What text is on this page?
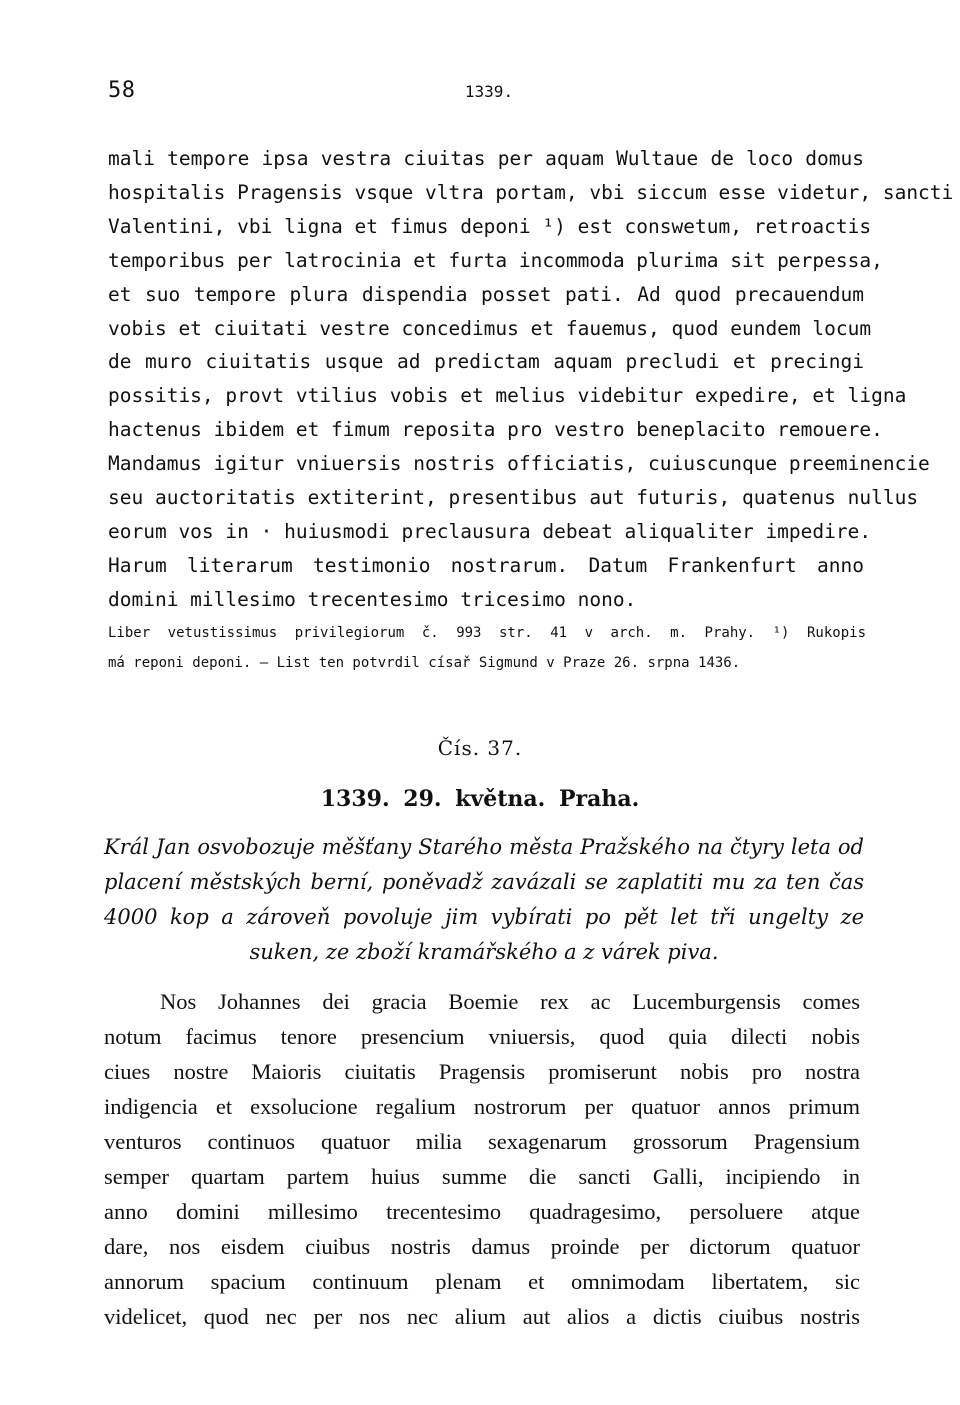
58	1339.
mali tempore ipsa vestra ciuitas per aquam Wultaue de loco domus
hospitalis Pragensis vsque vltra portam, vbi siccum esse videtur, sancti
Valentini, vbi ligna et fimus deponi ¹) est conswetum, retroactis
temporibus per latrocinia et furta incommoda plurima sit perpessa,
et suo tempore plura dispendia posset pati. Ad quod precauendum
vobis et ciuitati vestre concedimus et fauemus, quod eundem locum
de muro ciuitatis usque ad predictam aquam precludi et precingi
possitis, provt vtilius vobis et melius videbitur expedire, et ligna
hactenus ibidem et fimum reposita pro vestro beneplacito remouere.
Mandamus igitur vniuersis nostris officiatis, cuiuscunque preeminencie
seu auctoritatis extiterint, presentibus aut futuris, quatenus nullus
eorum vos in · huiusmodi preclausura debeat aliqualiter impedire.
Harum literarum testimonio nostrarum. Datum Frankenfurt anno
domini millesimo trecentesimo tricesimo nono.
Liber vetustissimus privilegiorum č. 993 str. 41 v arch. m. Prahy. ¹) Rukopis
má reponi deponi. — List ten potvrdil císař Sigmund v Praze 26. srpna 1436.
Čís. 37.
1339. 29. května. Praha.
Král Jan osvobozuje měšťany Starého města Pražského na čtyry leta od
placení městských berní, poněvadž zavázali se zaplatiti mu za ten čas
4000 kop a zároveň povoluje jim vybírati po pět let tři ungelty ze
suken, ze zboží kramářského a z várek piva.
Nos Johannes dei gracia Boemie rex ac Lucemburgensis comes
notum facimus tenore presencium vniuersis, quod quia dilecti nobis
ciues nostre Maioris ciuitatis Pragensis promiserunt nobis pro nostra
indigencia et exsolucione regalium nostrorum per quatuor annos primum
venturos continuos quatuor milia sexagenarum grossorum Pragensium
semper quartam partem huius summe die sancti Galli, incipiendo in
anno domini millesimo trecentesimo quadragesimo, persoluere atque
dare, nos eisdem ciuibus nostris damus proinde per dictorum quatuor
annorum spacium continuum plenam et omnimodam libertatem, sic
videlicet, quod nec per nos nec alium aut alios a dictis ciuibus nostris
